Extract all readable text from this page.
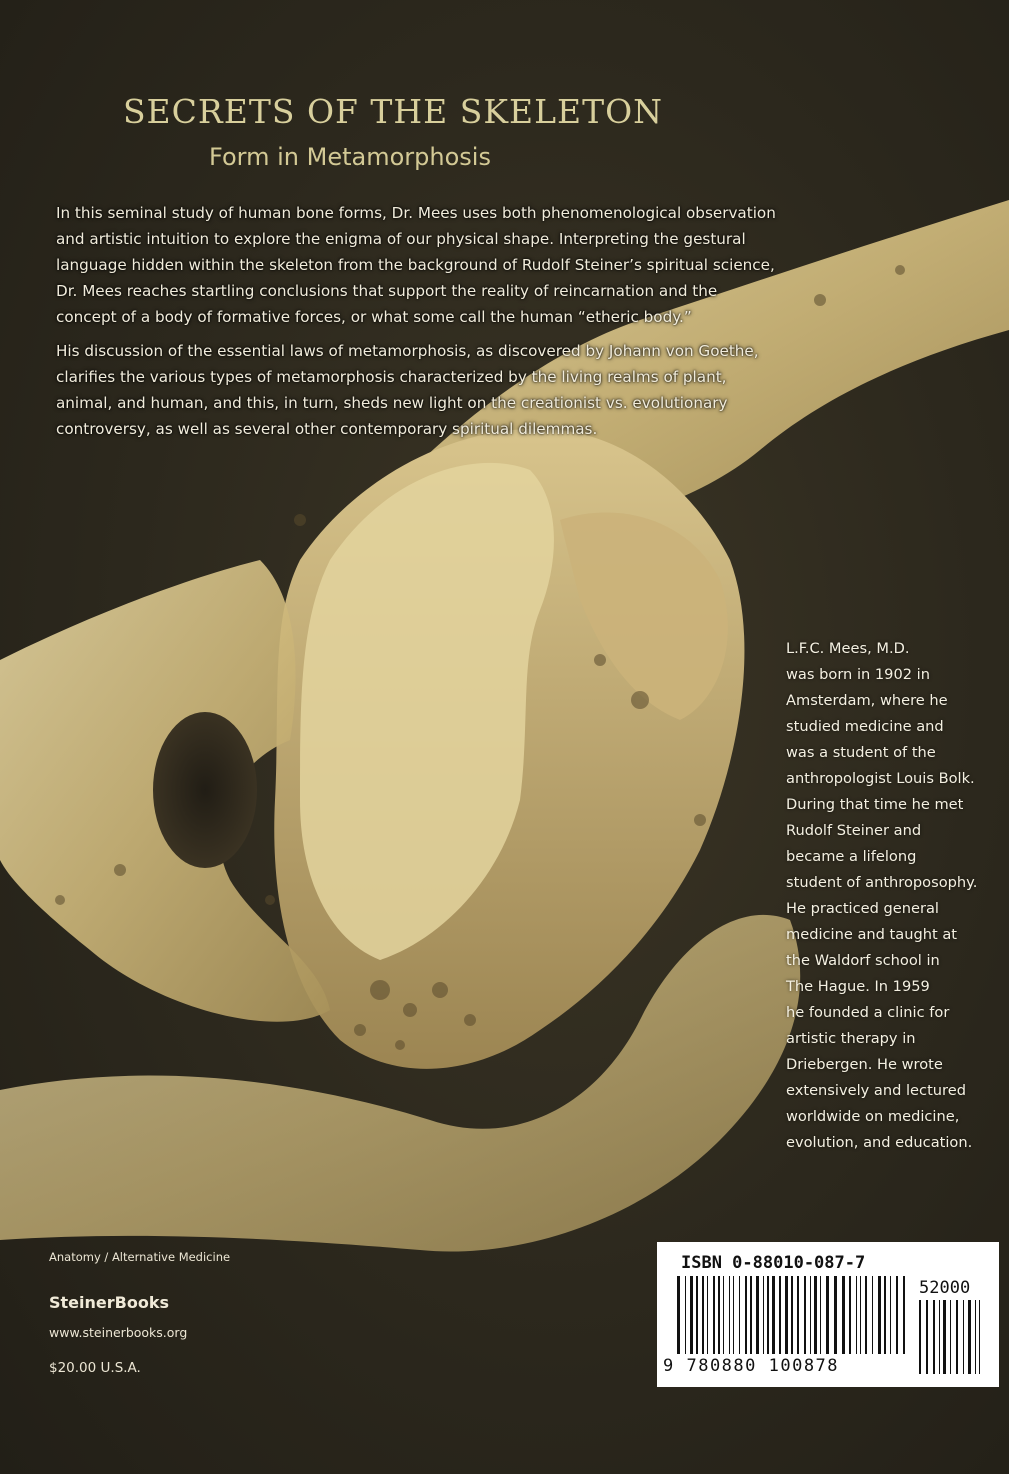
SECRETS OF THE SKELETON
Form in Metamorphosis

In this seminal study of human bone forms, Dr. Mees uses both phenomenological observation and artistic intuition to explore the enigma of our physical shape. Interpreting the gestural language hidden within the skeleton from the background of Rudolf Steiner’s spiritual science, Dr. Mees reaches startling conclusions that support the reality of reincarnation and the concept of a body of formative forces, or what some call the human “etheric body.”

His discussion of the essential laws of metamorphosis, as discovered by Johann von Goethe, clarifies the various types of metamorphosis characterized by the living realms of plant, animal, and human, and this, in turn, sheds new light on the creationist vs. evolutionary controversy, as well as several other contemporary spiritual dilemmas.

L.F.C. Mees, M.D.
was born in 1902 in
Amsterdam, where he
studied medicine and
was a student of the
anthropologist Louis Bolk.
During that time he met
Rudolf Steiner and
became a lifelong
student of anthroposophy.
He practiced general
medicine and taught at
the Waldorf school in
The Hague. In 1959
he founded a clinic for
artistic therapy in
Driebergen. He wrote
extensively and lectured
worldwide on medicine,
evolution, and education.
Anatomy / Alternative Medicine
SteinerBooks
www.steinerbooks.org
$20.00 U.S.A.
ISBN 0-88010-087-7
52000
9 780880 100878
